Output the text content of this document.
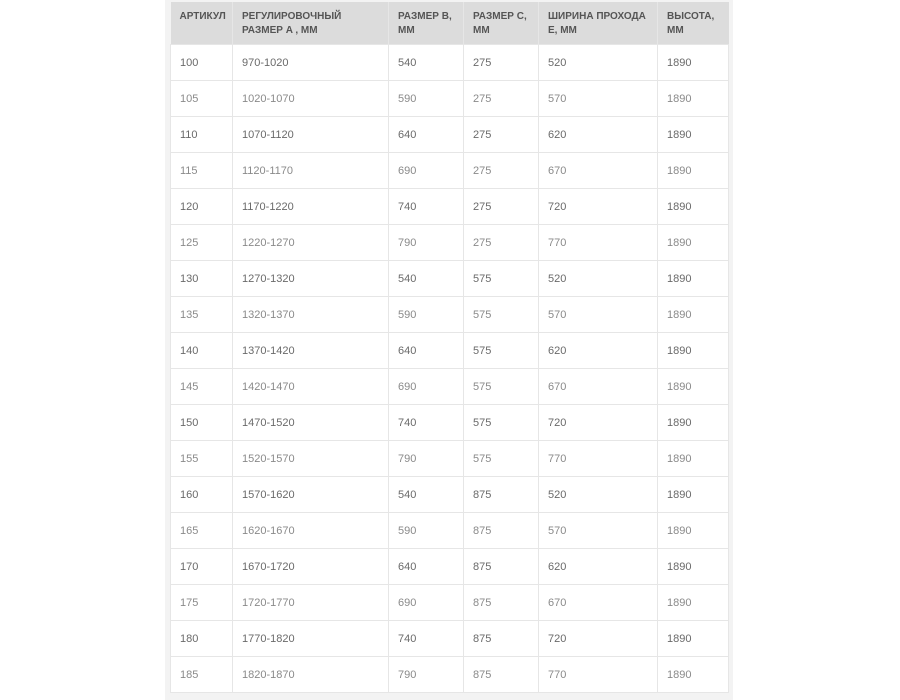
АРТИКУЛ	РЕГУЛИРОВОЧНЫЙ РАЗМЕР A , ММ	РАЗМЕР B, ММ	РАЗМЕР C, ММ	ШИРИНА ПРОХОДА E, ММ	ВЫСОТА, ММ
100	970-1020	540	275	520	1890
105	1020-1070	590	275	570	1890
110	1070-1120	640	275	620	1890
115	1120-1170	690	275	670	1890
120	1170-1220	740	275	720	1890
125	1220-1270	790	275	770	1890
130	1270-1320	540	575	520	1890
135	1320-1370	590	575	570	1890
140	1370-1420	640	575	620	1890
145	1420-1470	690	575	670	1890
150	1470-1520	740	575	720	1890
155	1520-1570	790	575	770	1890
160	1570-1620	540	875	520	1890
165	1620-1670	590	875	570	1890
170	1670-1720	640	875	620	1890
175	1720-1770	690	875	670	1890
180	1770-1820	740	875	720	1890
185	1820-1870	790	875	770	1890
